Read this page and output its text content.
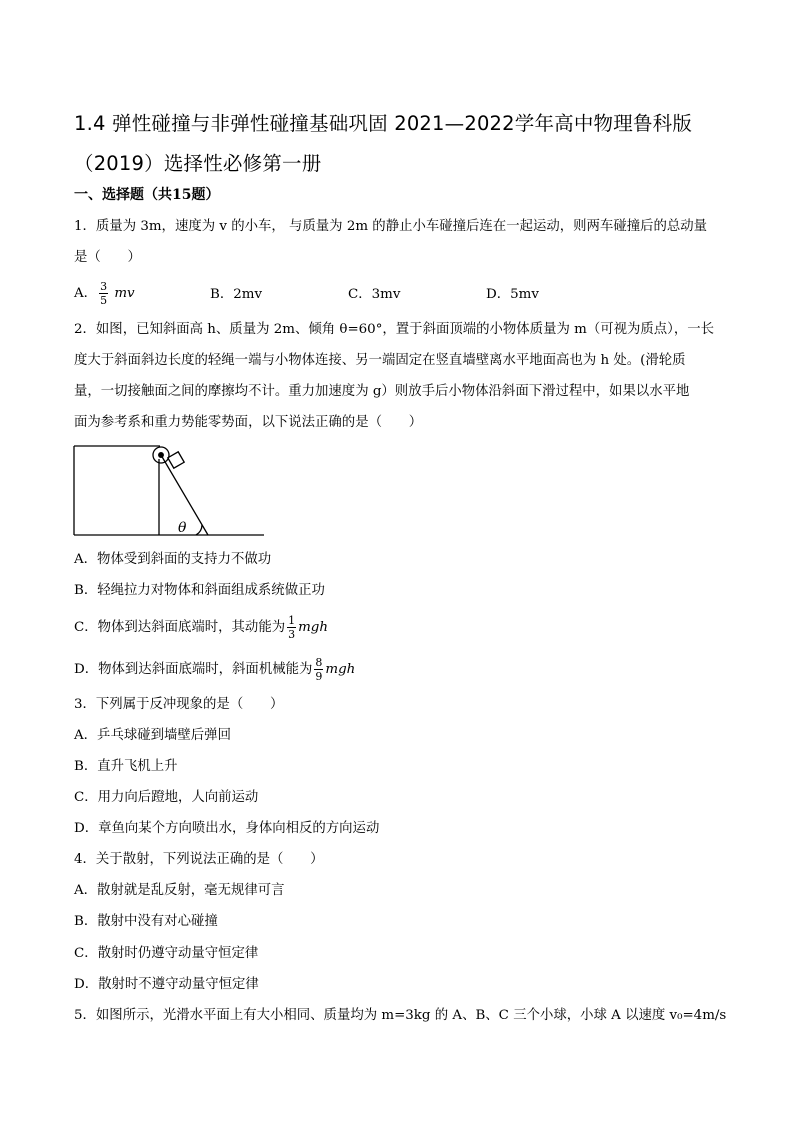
1.4 弹性碰撞与非弹性碰撞基础巩固 2021—2022学年高中物理鲁科版
（2019）选择性必修第一册
一、选择题（共15题）
1．质量为 3m，速度为 v 的小车， 与质量为 2m 的静止小车碰撞后连在一起运动，则两车碰撞后的总动量
是（　　）
A． $\frac{3}{5}$ mv	B．2mv	C．3mv	D．5mv
2．如图，已知斜面高 h、质量为 2m、倾角 θ=60°，置于斜面顶端的小物体质量为 m（可视为质点），一长
度大于斜面斜边长度的轻绳一端与小物体连接、另一端固定在竖直墙壁离水平地面高也为 h 处。(滑轮质
量，一切接触面之间的摩擦均不计。重力加速度为 g）则放手后小物体沿斜面下滑过程中，如果以水平地
面为参考系和重力势能零势面，以下说法正确的是（　　）
θ
A．物体受到斜面的支持力不做功
B．轻绳拉力对物体和斜面组成系统做正功
C．物体到达斜面底端时，其动能为 $\frac{1}{3}$ mgh
D．物体到达斜面底端时，斜面机械能为 $\frac{8}{9}$ mgh
3．下列属于反冲现象的是（　　）
A．乒乓球碰到墙壁后弹回
B．直升飞机上升
C．用力向后蹬地，人向前运动
D．章鱼向某个方向喷出水，身体向相反的方向运动
4．关于散射，下列说法正确的是（　　）
A．散射就是乱反射，毫无规律可言
B．散射中没有对心碰撞
C．散射时仍遵守动量守恒定律
D．散射时不遵守动量守恒定律
5．如图所示，光滑水平面上有大小相同、质量均为 m=3kg 的 A、B、C 三个小球，小球 A 以速度 v₀=4m/s
